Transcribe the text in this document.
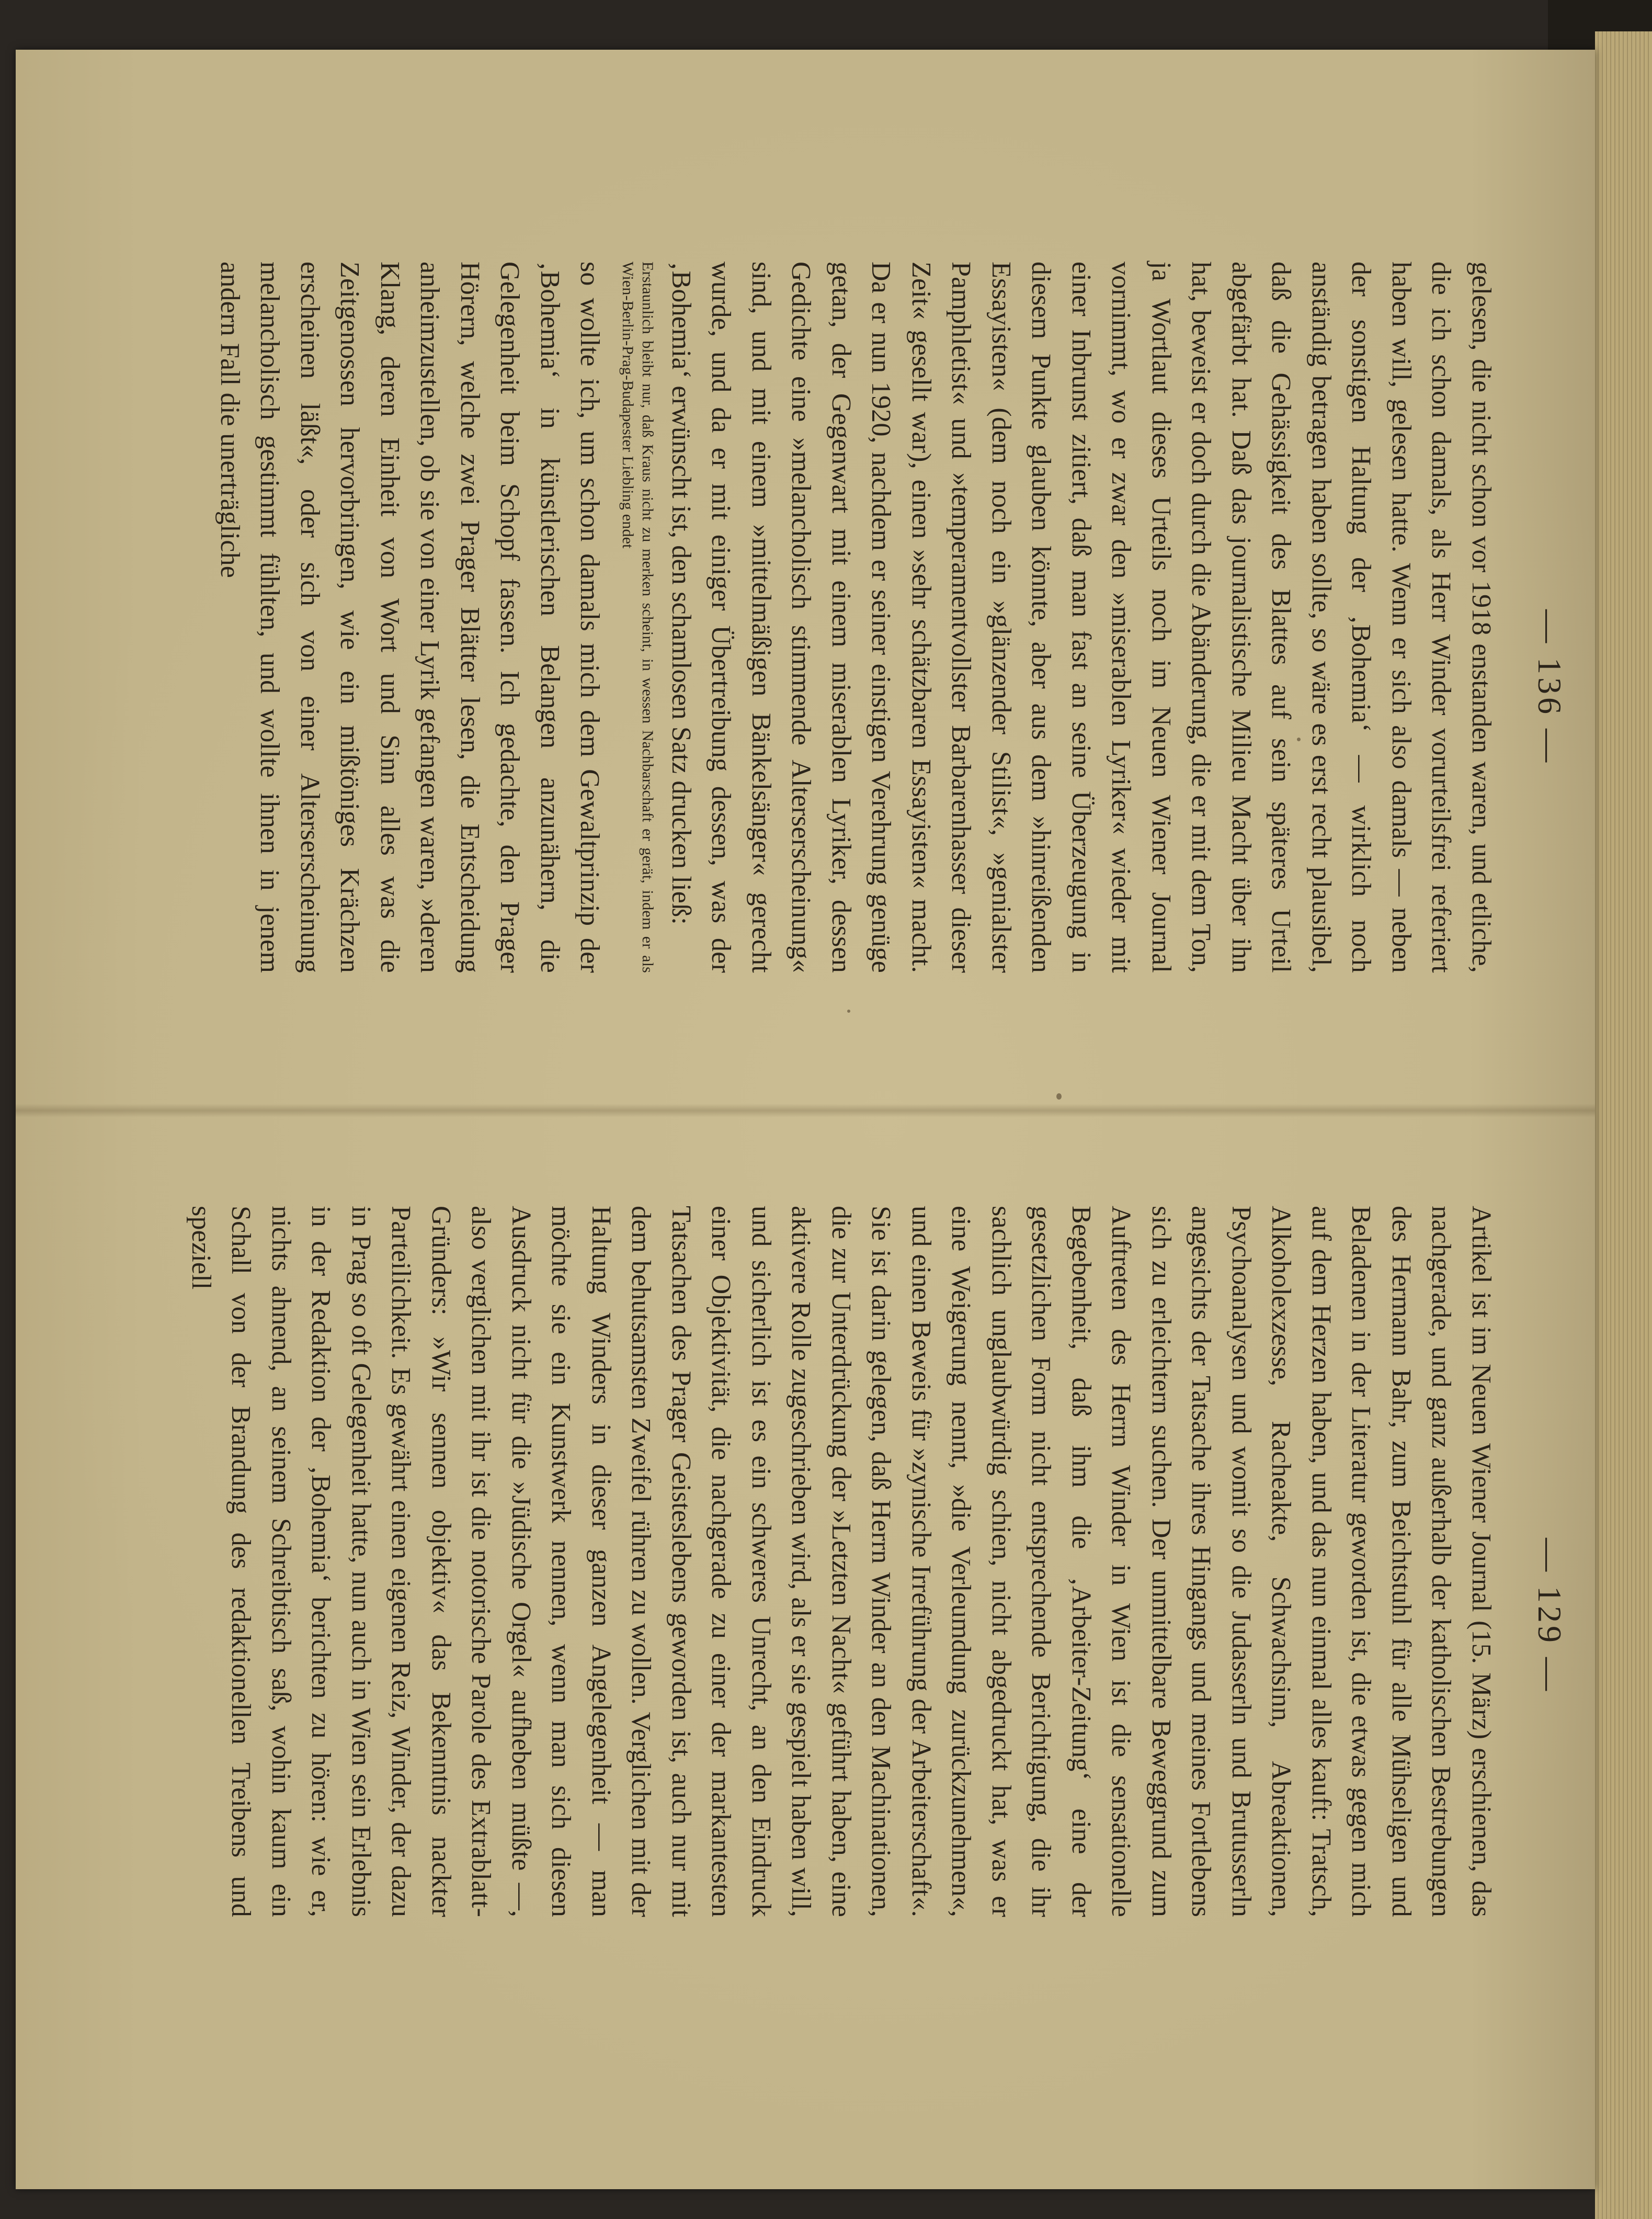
— 136 —

gelesen, die nicht schon vor 1918 enstanden waren, und etliche, die ich schon damals, als Herr Winder vorurteilsfrei referiert haben will, gelesen hatte. Wenn er sich also damals — neben der sonstigen Haltung der ‚Bohemia‘ — wirklich noch anständig betragen haben sollte, so wäre es erst recht plausibel, daß die Gehässigkeit des Blattes auf sein späteres Urteil abgefärbt hat. Daß das journalistische Milieu Macht über ihn hat, beweist er doch durch die Abänderung, die er mit dem Ton, ja Wortlaut dieses Urteils noch im Neuen Wiener Journal vornimmt, wo er zwar den »miserablen Lyriker« wieder mit einer Inbrunst zitiert, daß man fast an seine Überzeugung in diesem Punkte glauben könnte, aber aus dem »hinreißenden Essayisten« (dem noch ein »glänzender Stilist«, »genialster Pamphletist« und »temperamentvollster Barbarenhasser dieser Zeit« gesellt war), einen »sehr schätzbaren Essayisten« macht. Da er nun 1920, nachdem er seiner einstigen Verehrung genüge getan, der Gegenwart mit einem miserablen Lyriker, dessen Gedichte eine »melancholisch stimmende Alterserscheinung« sind, und mit einem »mittelmäßigen Bänkelsänger« gerecht wurde, und da er mit einiger Übertreibung dessen, was der ‚Bohemia‘ erwünscht ist, den schamlosen Satz drucken ließ:

Erstaunlich bleibt nur, daß Kraus nicht zu merken scheint, in wessen Nachbarschaft er gerät, indem er als Wien-Berlin-Prag-Budapester Liebling endet

so wollte ich, um schon damals mich dem Gewaltprinzip der ‚Bohemia‘ in künstlerischen Belangen anzunähern, die Gelegenheit beim Schopf fassen. Ich gedachte, den Prager Hörern, welche zwei Prager Blätter lesen, die Entscheidung anheimzustellen, ob sie von einer Lyrik gefangen waren, »deren Klang, deren Einheit von Wort und Sinn alles was die Zeitgenossen hervorbringen, wie ein mißtöniges Krächzen erscheinen läßt«, oder sich von einer Alterserscheinung melancholisch gestimmt fühlten, und wollte ihnen in jenem andern Fall die unerträgliche

— 129 —

Artikel ist im Neuen Wiener Journal (15. März) erschienen, das nachgerade, und ganz außerhalb der katholischen Bestrebungen des Hermann Bahr, zum Beichtstuhl für alle Mühseligen und Beladenen in der Literatur geworden ist, die etwas gegen mich auf dem Herzen haben, und das nun einmal alles kauft: Tratsch, Alkoholexzesse, Racheakte, Schwachsinn, Abreaktionen, Psychoanalysen und womit so die Judasserln und Brutusserln angesichts der Tatsache ihres Hingangs und meines Fortlebens sich zu erleichtern suchen. Der unmittelbare Beweggrund zum Auftreten des Herrn Winder in Wien ist die sensationelle Begebenheit, daß ihm die ‚Arbeiter-Zeitung‘ eine der gesetzlichen Form nicht entsprechende Berichtigung, die ihr sachlich unglaubwürdig schien, nicht abgedruckt hat, was er eine Weigerung nennt, »die Verleumdung zurückzunehmen«, und einen Beweis für »zynische Irreführung der Arbeiterschaft«. Sie ist darin gelegen, daß Herrn Winder an den Machinationen, die zur Unterdrückung der »Letzten Nacht« geführt haben, eine aktivere Rolle zugeschrieben wird, als er sie gespielt haben will, und sicherlich ist es ein schweres Unrecht, an den Eindruck einer Objektivität, die nachgerade zu einer der markantesten Tatsachen des Prager Geisteslebens geworden ist, auch nur mit dem behutsamsten Zweifel rühren zu wollen. Verglichen mit der Haltung Winders in dieser ganzen Angelegenheit — man möchte sie ein Kunstwerk nennen, wenn man sich diesen Ausdruck nicht für die »Jüdische Orgel« aufheben müßte —, also verglichen mit ihr ist die notorische Parole des Extrablatt-Gründers: »Wir sennen objektiv« das Bekenntnis nackter Parteilichkeit. Es gewährt einen eigenen Reiz, Winder, der dazu in Prag so oft Gelegenheit hatte, nun auch in Wien sein Erlebnis in der Redaktion der ‚Bohemia‘ berichten zu hören: wie er, nichts ahnend, an seinem Schreibtisch saß, wohin kaum ein Schall von der Brandung des redaktionellen Treibens und speziell
